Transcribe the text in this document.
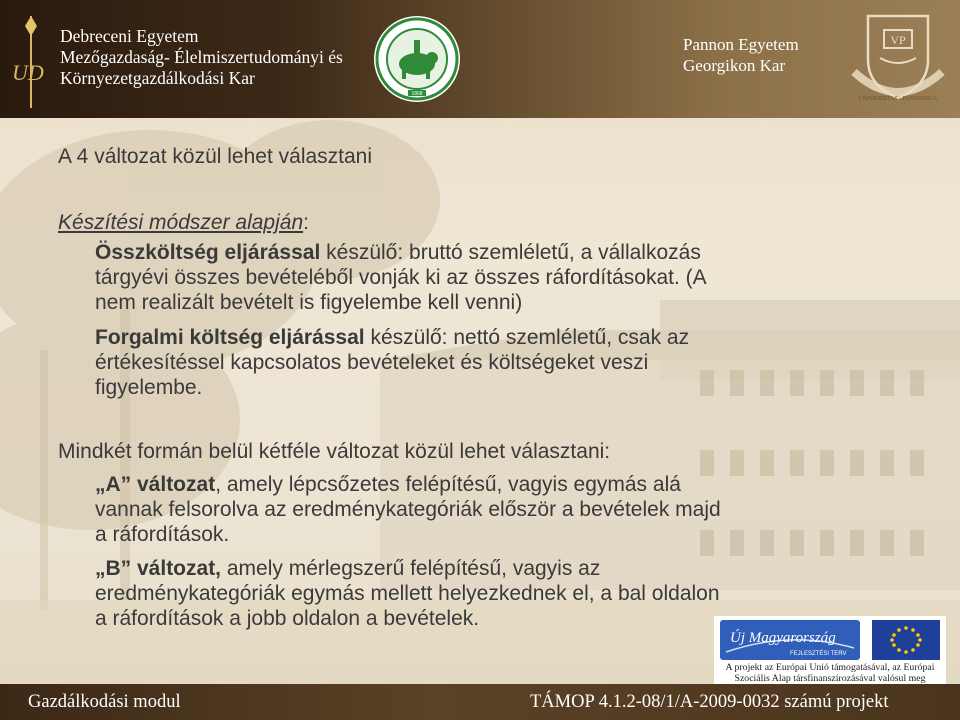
UD
Debreceni Egyetem
Mezőgazdaság- Élelmiszertudományi és
Környezetgazdálkodási Kar
1868
Pannon Egyetem
Georgikon Kar
VP
UNIVERSITAS · PANNONICA
A 4 változat közül lehet választani
Készítési módszer alapján:
Összköltség eljárással készülő: bruttó szemléletű, a vállalkozás
tárgyévi összes bevételéből vonják ki az összes ráfordításokat. (A
nem realizált bevételt is figyelembe kell venni)
Forgalmi költség eljárással készülő: nettó szemléletű, csak az
értékesítéssel kapcsolatos bevételeket és költségeket veszi
figyelembe.
Mindkét formán belül kétféle változat közül lehet választani:
„A” változat, amely lépcsőzetes felépítésű, vagyis egymás alá
vannak felsorolva az eredménykategóriák először a bevételek majd
a ráfordítások.
„B” változat, amely mérlegszerű felépítésű, vagyis az
eredménykategóriák egymás mellett helyezkednek el, a bal oldalon
a ráfordítások a jobb oldalon a bevételek.
Új Magyarország
FEJLESZTÉSI TERV
A projekt az Európai Unió támogatásával, az Európai
Szociális Alap társfinanszírozásával valósul meg
Gazdálkodási modul	TÁMOP 4.1.2-08/1/A-2009-0032 számú projekt
